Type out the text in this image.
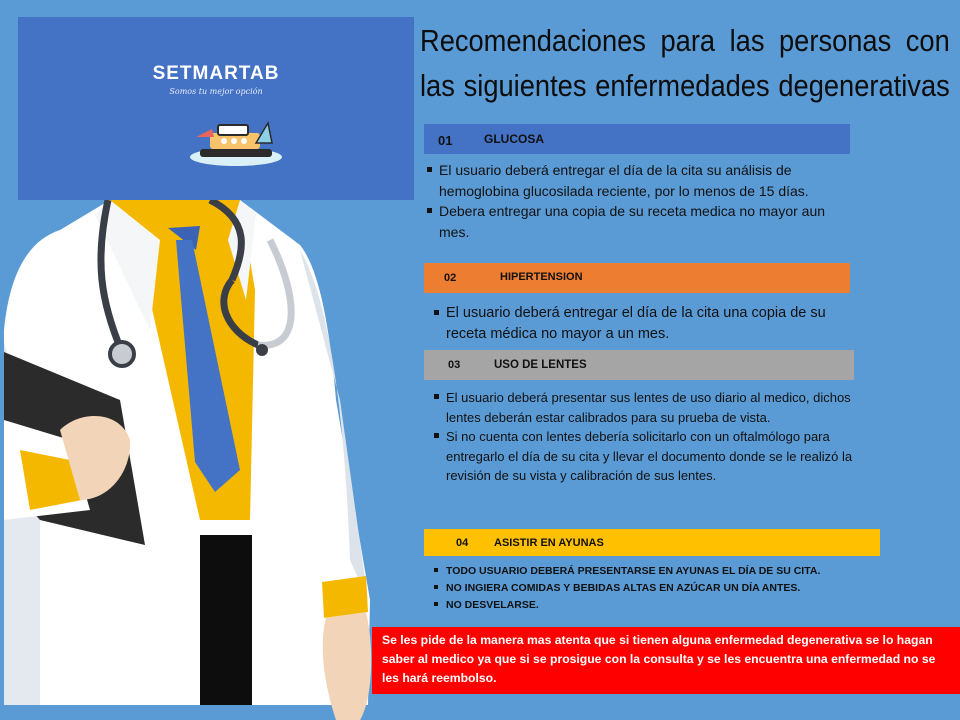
SETMARTAB
Somos tu mejor opción
Recomendaciones para las personas con las siguientes enfermedades degenerativas
01	GLUCOSA
El usuario deberá entregar el día de la cita su análisis de hemoglobina glucosilada reciente, por lo menos de 15 días.
Debera entregar una copia de su receta medica no mayor aun mes.
02	HIPERTENSION
El usuario deberá entregar el día de la cita una copia de su receta médica no mayor a un mes.
03	USO DE LENTES
El usuario deberá presentar sus lentes de uso diario al medico, dichos lentes deberán estar calibrados para su prueba de vista.
Si no cuenta con lentes debería solicitarlo con un oftalmólogo para entregarlo el día de su cita y llevar el documento donde se le realizó la revisión de su vista y calibración de sus lentes.
04 ASISTIR EN AYUNAS
TODO USUARIO DEBERÁ PRESENTARSE EN AYUNAS EL DÍA DE SU CITA.
NO INGIERA COMIDAS Y BEBIDAS ALTAS EN AZÚCAR UN DÍA ANTES.
NO DESVELARSE.
Se les pide de la manera mas atenta que si tienen alguna enfermedad degenerativa se lo hagan saber al medico ya que si se prosigue con la consulta y se les encuentra una enfermedad no se les hará reembolso.
